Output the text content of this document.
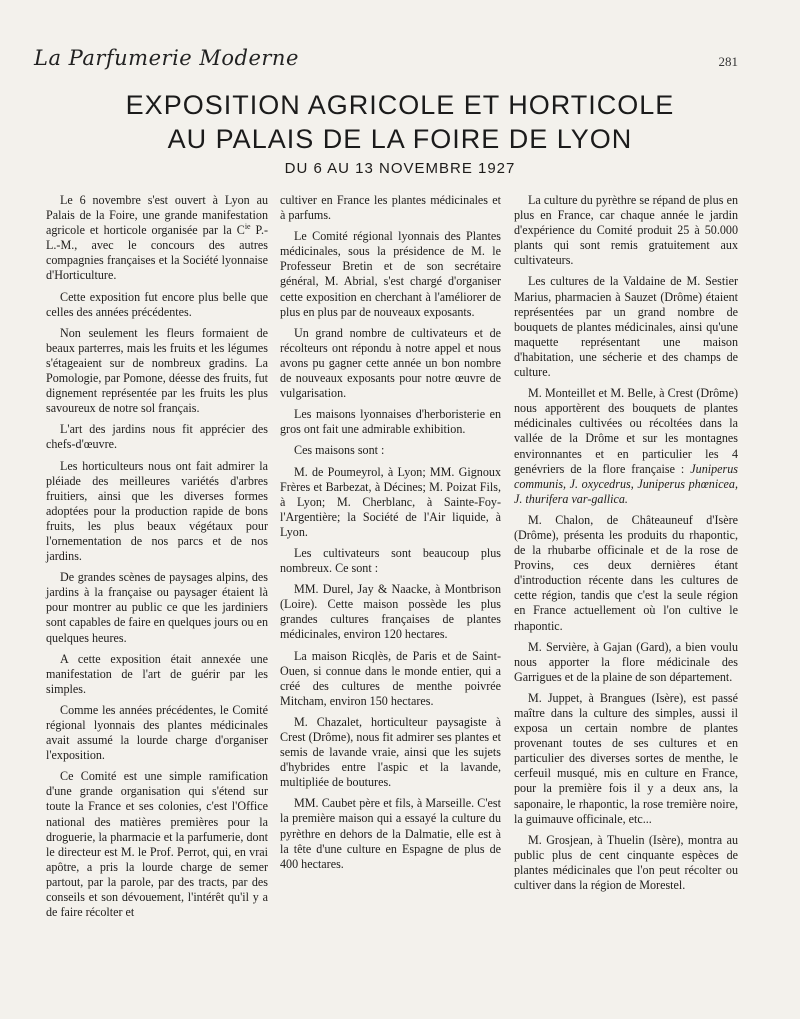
La Parfumerie Moderne	281
EXPOSITION AGRICOLE ET HORTICOLE
AU PALAIS DE LA FOIRE DE LYON
DU 6 AU 13 NOVEMBRE 1927

Le 6 novembre s'est ouvert à Lyon au Palais de la Foire, une grande manifestation agricole et horticole organisée par la $C^{ie}$ P.-L.-M., avec le concours des autres compagnies françaises et la Société lyonnaise d'Horticulture.

Cette exposition fut encore plus belle que celles des années précédentes.

Non seulement les fleurs formaient de beaux parterres, mais les fruits et les légumes s'étageaient sur de nombreux gradins. La Pomologie, par Pomone, déesse des fruits, fut dignement représentée par les fruits les plus savoureux de notre sol français.

L'art des jardins nous fit apprécier des chefs-d'œuvre.

Les horticulteurs nous ont fait admirer la pléiade des meilleures variétés d'arbres fruitiers, ainsi que les diverses formes adoptées pour la production rapide de bons fruits, les plus beaux végétaux pour l'ornementation de nos parcs et de nos jardins.

De grandes scènes de paysages alpins, des jardins à la française ou paysager étaient là pour montrer au public ce que les jardiniers sont capables de faire en quelques jours ou en quelques heures.

A cette exposition était annexée une manifestation de l'art de guérir par les simples.

Comme les années précédentes, le Comité régional lyonnais des plantes médicinales avait assumé la lourde charge d'organiser l'exposition.

Ce Comité est une simple ramification d'une grande organisation qui s'étend sur toute la France et ses colonies, c'est l'Office national des matières premières pour la droguerie, la pharmacie et la parfumerie, dont le directeur est M. le Prof. Perrot, qui, en vrai apôtre, a pris la lourde charge de semer partout, par la parole, par des tracts, par des conseils et son dévouement, l'intérêt qu'il y a de faire récolter et

cultiver en France les plantes médicinales et à parfums.

Le Comité régional lyonnais des Plantes médicinales, sous la présidence de M. le Professeur Bretin et de son secrétaire général, M. Abrial, s'est chargé d'organiser cette exposition en cherchant à l'améliorer de plus en plus par de nouveaux exposants.

Un grand nombre de cultivateurs et de récolteurs ont répondu à notre appel et nous avons pu gagner cette année un bon nombre de nouveaux exposants pour notre œuvre de vulgarisation.

Les maisons lyonnaises d'herboristerie en gros ont fait une admirable exhibition.

Ces maisons sont :

M. de Poumeyrol, à Lyon; MM. Gignoux Frères et Barbezat, à Décines; M. Poizat Fils, à Lyon; M. Cherblanc, à Sainte-Foy-l'Argentière; la Société de l'Air liquide, à Lyon.

Les cultivateurs sont beaucoup plus nombreux. Ce sont :

MM. Durel, Jay & Naacke, à Montbrison (Loire). Cette maison possède les plus grandes cultures françaises de plantes médicinales, environ 120 hectares.

La maison Ricqlès, de Paris et de Saint-Ouen, si connue dans le monde entier, qui a créé des cultures de menthe poivrée Mitcham, environ 150 hectares.

M. Chazalet, horticulteur paysagiste à Crest (Drôme), nous fit admirer ses plantes et semis de lavande vraie, ainsi que les sujets d'hybrides entre l'aspic et la lavande, multipliée de boutures.

MM. Caubet père et fils, à Marseille. C'est la première maison qui a essayé la culture du pyrèthre en dehors de la Dalmatie, elle est à la tête d'une culture en Espagne de plus de 400 hectares.

La culture du pyrèthre se répand de plus en plus en France, car chaque année le jardin d'expérience du Comité produit 25 à 50.000 plants qui sont remis gratuitement aux cultivateurs.

Les cultures de la Valdaine de M. Sestier Marius, pharmacien à Sauzet (Drôme) étaient représentées par un grand nombre de bouquets de plantes médicinales, ainsi qu'une maquette représentant une maison d'habitation, une sécherie et des champs de culture.

M. Monteillet et M. Belle, à Crest (Drôme) nous apportèrent des bouquets de plantes médicinales cultivées ou récoltées dans la vallée de la Drôme et sur les montagnes environnantes et en particulier les 4 genévriers de la flore française : Juniperus communis, J. oxycedrus, Juniperus phœnicea, J. thurifera var-gallica.

M. Chalon, de Châteauneuf d'Isère (Drôme), présenta les produits du rhapontic, de la rhubarbe officinale et de la rose de Provins, ces deux dernières étant d'introduction récente dans les cultures de cette région, tandis que c'est la seule région en France actuellement où l'on cultive le rhapontic.

M. Servière, à Gajan (Gard), a bien voulu nous apporter la flore médicinale des Garrigues et de la plaine de son département.

M. Juppet, à Brangues (Isère), est passé maître dans la culture des simples, aussi il exposa un certain nombre de plantes provenant toutes de ses cultures et en particulier des diverses sortes de menthe, le cerfeuil musqué, mis en culture en France, pour la première fois il y a deux ans, la saponaire, le rhapontic, la rose tremière noire, la guimauve officinale, etc...

M. Grosjean, à Thuelin (Isère), montra au public plus de cent cinquante espèces de plantes médicinales que l'on peut récolter ou cultiver dans la région de Morestel.
